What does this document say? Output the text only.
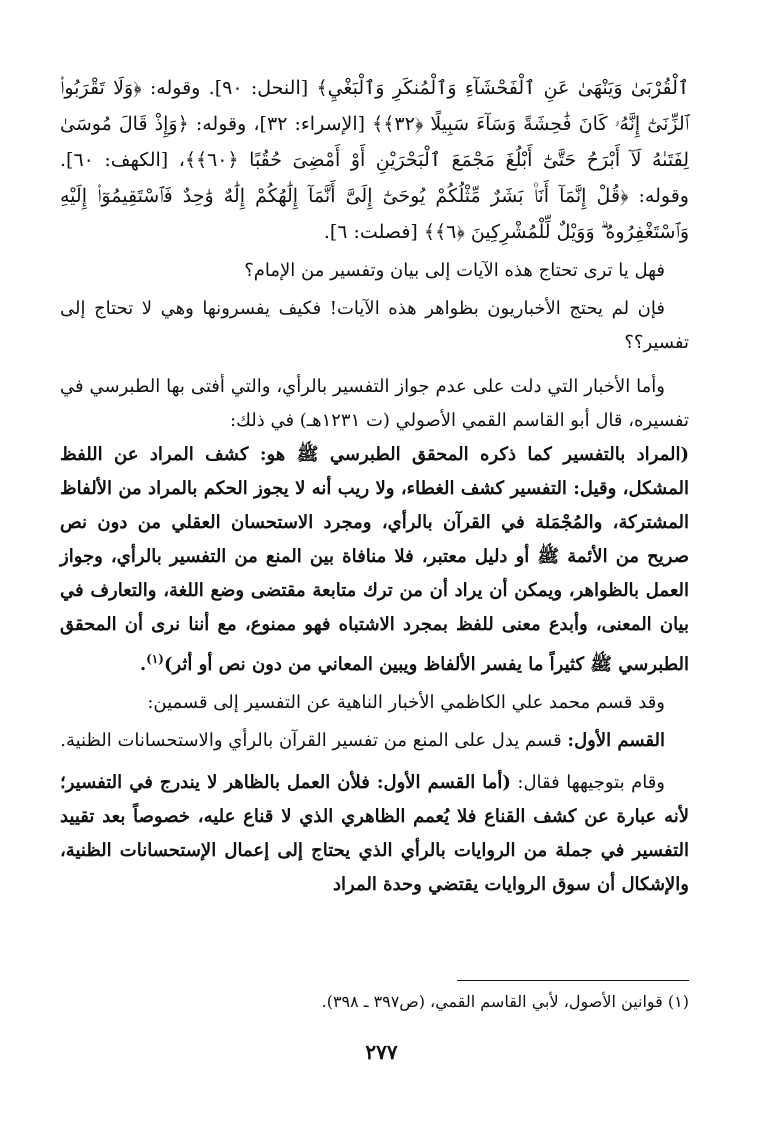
ٱلْقُرْبَىٰ وَيَنْهَىٰ عَنِ ٱلْفَحْشَآءِ وَٱلْمُنكَرِ وَٱلْبَغْيِ﴾ [النحل: ٩٠]. وقوله: ﴿وَلَا تَقْرَبُوا۟ ٱلزِّنَىٰٓ إِنَّهُۥ كَانَ فَٰحِشَةً وَسَآءَ سَبِيلًا ﴿٣٢﴾﴾ [الإسراء: ٣٢]، وقوله: ﴿وَإِذْ قَالَ مُوسَىٰ لِفَتَىٰهُ لَآ أَبْرَحُ حَتَّىٰٓ أَبْلُغَ مَجْمَعَ ٱلْبَحْرَيْنِ أَوْ أَمْضِىَ حُقُبًا ﴿٦٠﴾﴾، [الكهف: ٦٠]. وقوله: ﴿قُلْ إِنَّمَآ أَنَا۠ بَشَرٌ مِّثْلُكُمْ يُوحَىٰٓ إِلَىَّ أَنَّمَآ إِلَٰهُكُمْ إِلَٰهٌ وَٰحِدٌ فَٱسْتَقِيمُوٓا۟ إِلَيْهِ وَٱسْتَغْفِرُوهُ ۗ وَوَيْلٌ لِّلْمُشْرِكِينَ ﴿٦﴾﴾ [فصلت: ٦].

فهل يا ترى تحتاج هذه الآيات إلى بيان وتفسير من الإمام؟

فإن لم يحتج الأخباريون بظواهر هذه الآيات! فكيف يفسرونها وهي لا تحتاج إلى تفسير؟؟

وأما الأخبار التي دلت على عدم جواز التفسير بالرأي، والتي أفتى بها الطبرسي في تفسيره، قال أبو القاسم القمي الأصولي (ت ١٢٣١هـ) في ذلك:

(المراد بالتفسير كما ذكره المحقق الطبرسي ﷺ هو: كشف المراد عن اللفظ المشكل، وقيل: التفسير كشف الغطاء، ولا ريب أنه لا يجوز الحكم بالمراد من الألفاظ المشتركة، والمُجْمَلة في القرآن بالرأي، ومجرد الاستحسان العقلي من دون نص صريح من الأئمة ﷺ أو دليل معتبر، فلا منافاة بين المنع من التفسير بالرأي، وجواز العمل بالظواهر، ويمكن أن يراد أن من ترك متابعة مقتضى وضع اللغة، والتعارف في بيان المعنى، وأبدع معنى للفظ بمجرد الاشتباه فهو ممنوع، مع أننا نرى أن المحقق الطبرسي ﷺ كثيراً ما يفسر الألفاظ ويبين المعاني من دون نص أو أثر)$^{(١)}$.

وقد قسم محمد علي الكاظمي الأخبار الناهية عن التفسير إلى قسمين:

القسم الأول: قسم يدل على المنع من تفسير القرآن بالرأي والاستحسانات الظنية.

وقام بتوجيهها فقال: (أما القسم الأول: فلأن العمل بالظاهر لا يندرج في التفسير؛ لأنه عبارة عن كشف القناع فلا يُعمم الظاهري الذي لا قناع عليه، خصوصاً بعد تقييد التفسير في جملة من الروايات بالرأي الذي يحتاج إلى إعمال الإستحسانات الظنية، والإشكال أن سوق الروايات يقتضي وحدة المراد

(١) قوانين الأصول، لأبي القاسم القمي، (ص٣٩٧ ـ ٣٩٨).
٢٧٧
